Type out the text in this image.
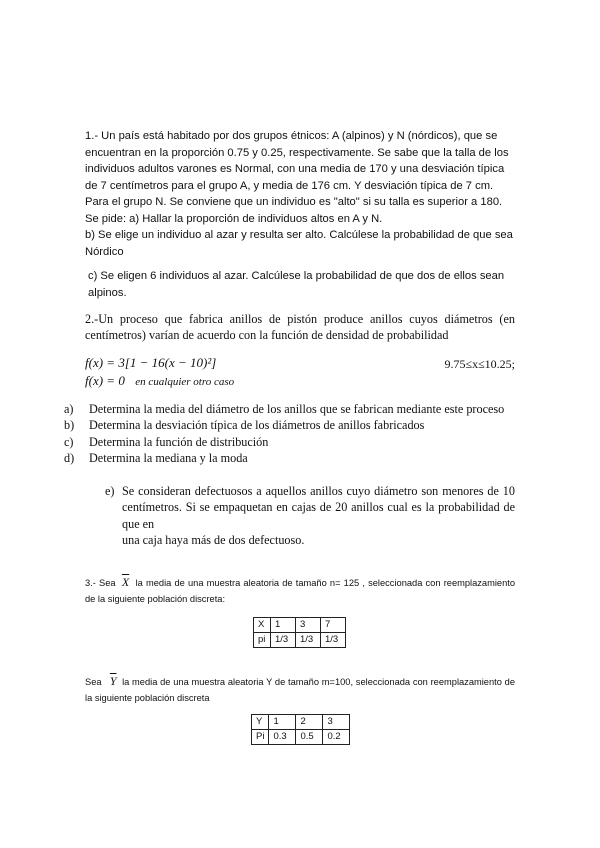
1.- Un país está habitado por dos grupos étnicos: A (alpinos) y N (nórdicos), que se encuentran en la proporción 0.75 y 0.25, respectivamente. Se sabe que la talla de los individuos adultos varones es Normal, con una media de 170 y una desviación típica de 7 centímetros para el grupo A, y media de 176 cm. Y desviación típica de 7 cm. Para el grupo N. Se conviene que un individuo es "alto" si su talla es superior a 180. Se pide: a) Hallar la proporción de individuos altos en A y N.
b) Se elige un individuo al azar y resulta ser alto. Calcúlese la probabilidad de que sea Nórdico
c) Se eligen 6 individuos al azar. Calcúlese la probabilidad de que dos de ellos sean alpinos.
2.-Un proceso que fabrica anillos de pistón produce anillos cuyos diámetros (en centímetros) varían de acuerdo con la función de densidad de probabilidad
f(x) = 3[1 − 16(x − 10)²]	9.75≤x≤10.25;
f(x) = 0 en cualquier otro caso
a) Determina la media del diámetro de los anillos que se fabrican mediante este proceso
b) Determina la desviación típica de los diámetros de anillos fabricados
c) Determina la función de distribución
d) Determina la mediana y la moda
e) Se consideran defectuosos a aquellos anillos cuyo diámetro son menores de 10 centímetros. Si se empaquetan en cajas de 20 anillos cual es la probabilidad de que en
una caja haya más de dos defectuoso.
3.- Sea $\overline{X}$ la media de una muestra aleatoria de tamaño n= 125 , seleccionada con reemplazamiento de la siguiente población discreta:
X	1	3	7
pi	1/3	1/3	1/3
Sea $\overline{Y}$ la media de una muestra aleatoria Y de tamaño m=100, seleccionada con reemplazamiento de la siguiente población discreta
Y	1	2	3
Pi	0.3	0.5	0.2
